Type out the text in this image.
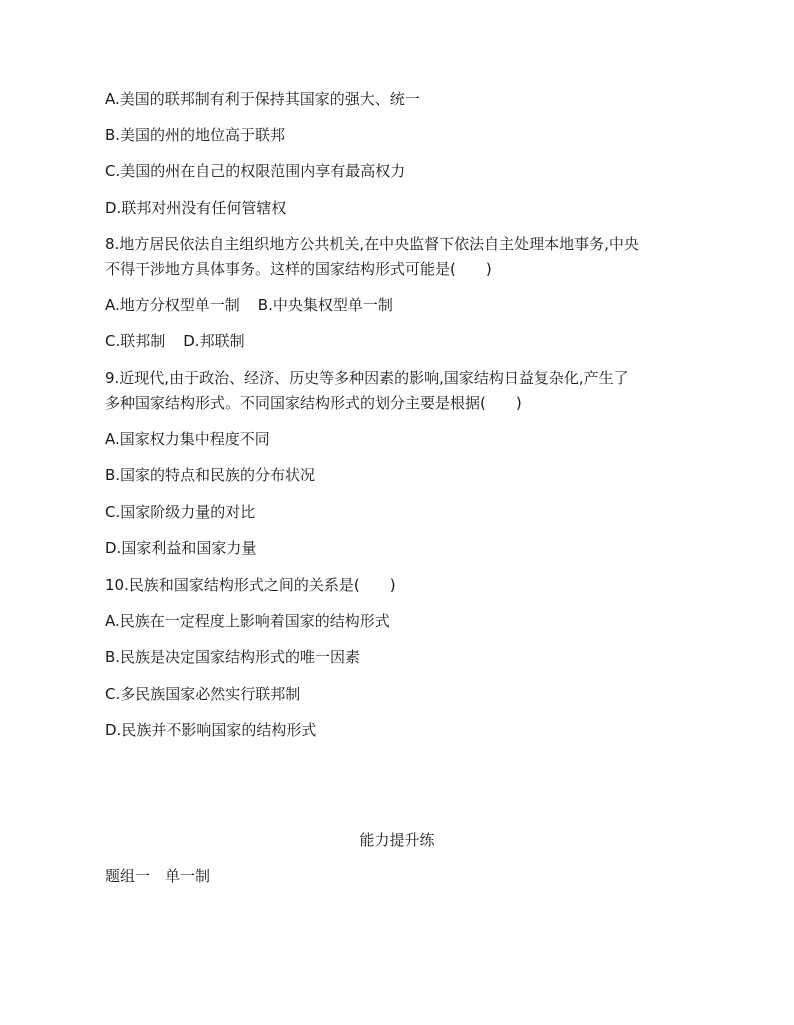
A.美国的联邦制有利于保持其国家的强大、统一
B.美国的州的地位高于联邦
C.美国的州在自己的权限范围内享有最高权力
D.联邦对州没有任何管辖权
8.地方居民依法自主组织地方公共机关,在中央监督下依法自主处理本地事务,中央
不得干涉地方具体事务。这样的国家结构形式可能是(　　)
A.地方分权型单一制 B.中央集权型单一制
C.联邦制 D.邦联制
9.近现代,由于政治、经济、历史等多种因素的影响,国家结构日益复杂化,产生了
多种国家结构形式。不同国家结构形式的划分主要是根据(　　)
A.国家权力集中程度不同
B.国家的特点和民族的分布状况
C.国家阶级力量的对比
D.国家利益和国家力量
10.民族和国家结构形式之间的关系是(　　)
A.民族在一定程度上影响着国家的结构形式
B.民族是决定国家结构形式的唯一因素
C.多民族国家必然实行联邦制
D.民族并不影响国家的结构形式
能力提升练
题组一　单一制
